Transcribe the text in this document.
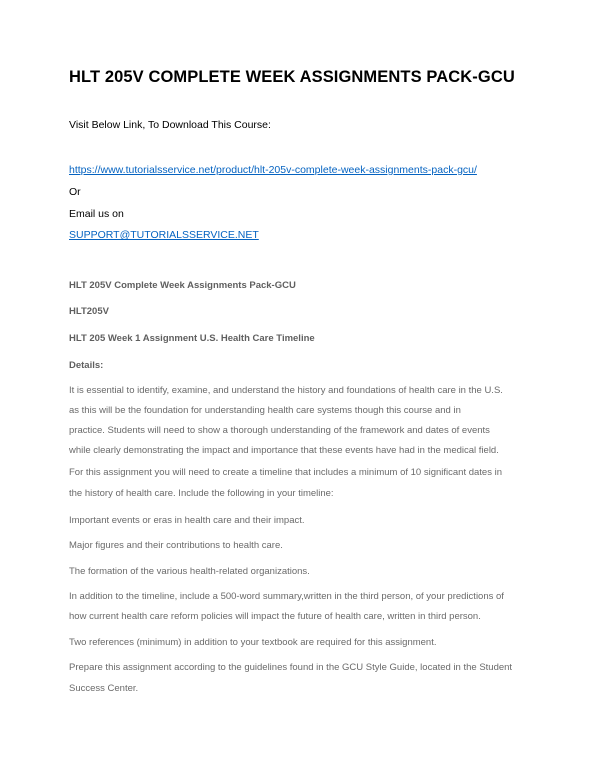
HLT 205V COMPLETE WEEK ASSIGNMENTS PACK-GCU
Visit Below Link, To Download This Course:
https://www.tutorialsservice.net/product/hlt-205v-complete-week-assignments-pack-gcu/
Or
Email us on
SUPPORT@TUTORIALSSERVICE.NET
HLT 205V Complete Week Assignments Pack-GCU
HLT205V
HLT 205 Week 1 Assignment U.S. Health Care Timeline
Details:
It is essential to identify, examine, and understand the history and foundations of health care in the U.S.
as this will be the foundation for understanding health care systems though this course and in
practice. Students will need to show a thorough understanding of the framework and dates of events
while clearly demonstrating the impact and importance that these events have had in the medical field.
For this assignment you will need to create a timeline that includes a minimum of 10 significant dates in
the history of health care. Include the following in your timeline:
Important events or eras in health care and their impact.
Major figures and their contributions to health care.
The formation of the various health-related organizations.
In addition to the timeline, include a 500-word summary,written in the third person, of your predictions of
how current health care reform policies will impact the future of health care, written in third person.
Two references (minimum) in addition to your textbook are required for this assignment.
Prepare this assignment according to the guidelines found in the GCU Style Guide, located in the Student
Success Center.
